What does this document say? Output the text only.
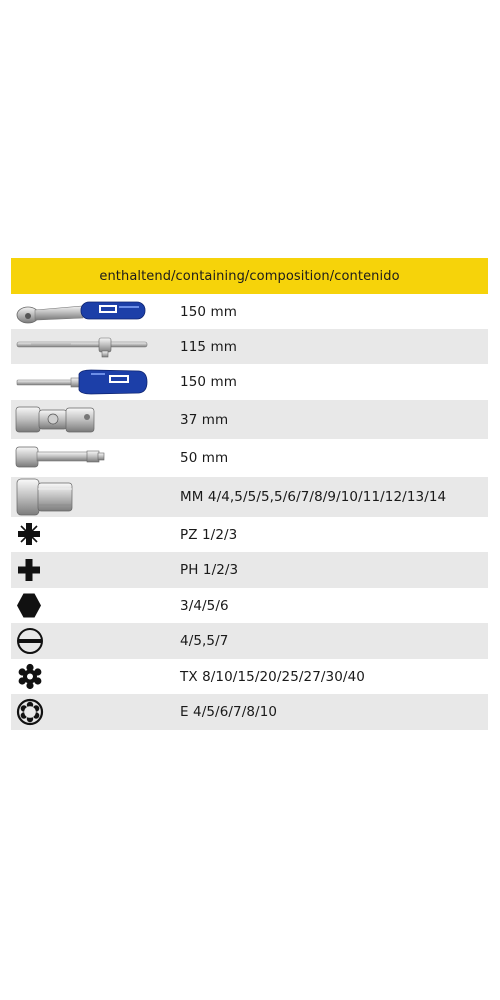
enthaltend/containing/composition/contenido
150 mm
115 mm
150 mm
37 mm
50 mm
MM 4/4,5/5/5,5/6/7/8/9/10/11/12/13/14
PZ 1/2/3
PH 1/2/3
3/4/5/6
4/5,5/7
TX 8/10/15/20/25/27/30/40
E 4/5/6/7/8/10
